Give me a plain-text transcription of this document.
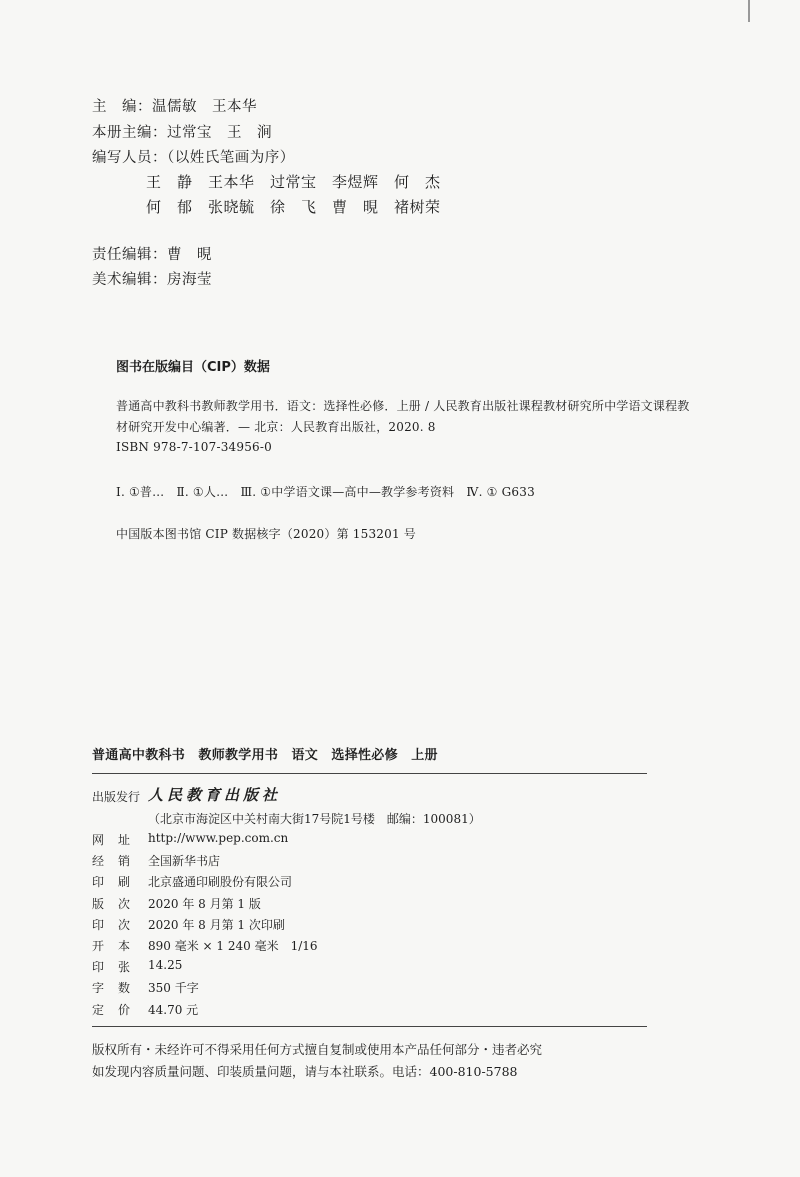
主　编：温儒敏　王本华
本册主编：过常宝　王　涧
编写人员：（以姓氏笔画为序）
王　静　王本华　过常宝　李煜辉　何　杰
何　郁　张晓毓　徐　飞　曹　晛　褚树荣
责任编辑：曹　晛
美术编辑：房海莹
图书在版编目（CIP）数据
普通高中教科书教师教学用书．语文：选择性必修．上册 / 人民教育出版社课程教材研究所中学语文课程教
材研究开发中心编著．— 北京：人民教育出版社，2020. 8
ISBN 978-7-107-34956-0
Ⅰ. ①普…　Ⅱ. ①人…　Ⅲ. ①中学语文课—高中—教学参考资料　Ⅳ. ① G633
中国版本图书馆 CIP 数据核字（2020）第 153201 号
普通高中教科书　教师教学用书　语文　选择性必修　上册
出版发行 人民教育出版社
（北京市海淀区中关村南大街17号院1号楼　邮编：100081）
网址 http://www.pep.com.cn
经销 全国新华书店
印刷 北京盛通印刷股份有限公司
版次 2020 年 8 月第 1 版
印次 2020 年 8 月第 1 次印刷
开本 890 毫米 × 1 240 毫米　1/16
印张 14.25
字数 350 千字
定价 44.70 元
版权所有・未经许可不得采用任何方式擅自复制或使用本产品任何部分・违者必究
如发现内容质量问题、印装质量问题，请与本社联系。电话：400-810-5788
